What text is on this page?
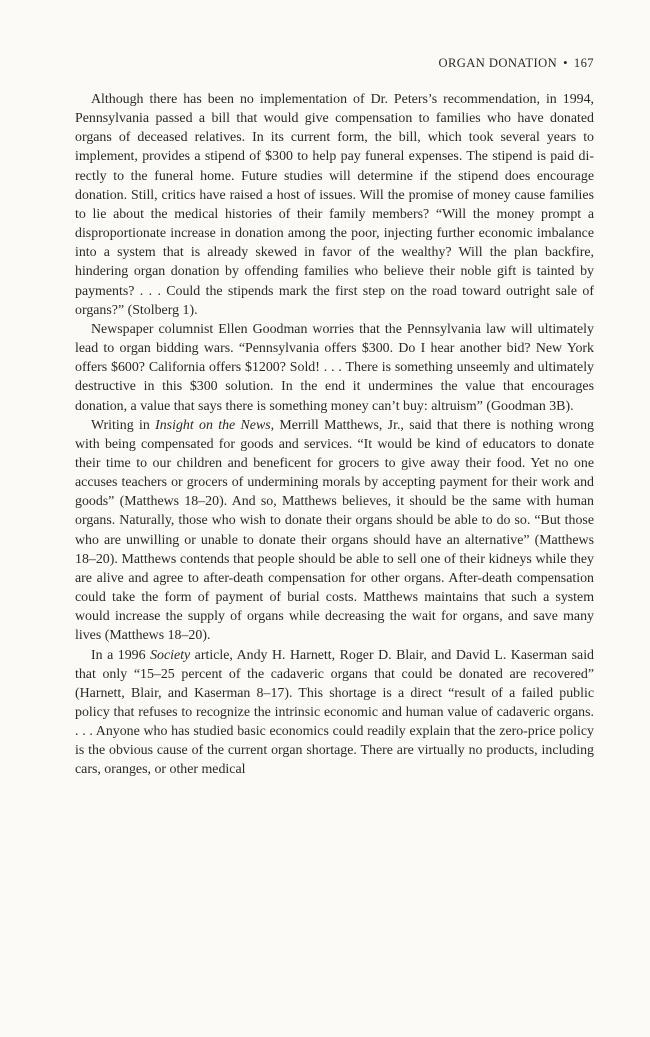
ORGAN DONATION • 167

Although there has been no implementation of Dr. Peters’s recommendation, in 1994, Pennsylvania passed a bill that would give compensation to families who have donated organs of deceased relatives. In its current form, the bill, which took several years to implement, provides a stipend of $300 to help pay funeral expenses. The stipend is paid directly to the funeral home. Future studies will determine if the stipend does encourage donation. Still, critics have raised a host of issues. Will the promise of money cause families to lie about the medical histories of their family members? “Will the money prompt a disproportionate increase in donation among the poor, injecting further economic imbalance into a system that is already skewed in favor of the wealthy? Will the plan backfire, hindering organ donation by offending families who believe their noble gift is tainted by payments? . . . Could the stipends mark the first step on the road toward outright sale of organs?” (Stolberg 1).

Newspaper columnist Ellen Goodman worries that the Pennsylvania law will ultimately lead to organ bidding wars. “Pennsylvania offers $300. Do I hear another bid? New York offers $600? California offers $1200? Sold! . . . There is something unseemly and ultimately destructive in this $300 solution. In the end it undermines the value that encourages donation, a value that says there is something money can’t buy: altruism” (Goodman 3B).

Writing in Insight on the News, Merrill Matthews, Jr., said that there is nothing wrong with being compensated for goods and services. “It would be kind of educators to donate their time to our children and beneficent for grocers to give away their food. Yet no one accuses teachers or grocers of undermining morals by accepting payment for their work and goods” (Matthews 18–20). And so, Matthews believes, it should be the same with human organs. Naturally, those who wish to donate their organs should be able to do so. “But those who are unwilling or unable to donate their organs should have an alternative” (Matthews 18–20). Matthews contends that people should be able to sell one of their kidneys while they are alive and agree to after-death compensation for other organs. After-death compensation could take the form of payment of burial costs. Matthews maintains that such a system would increase the supply of organs while decreasing the wait for organs, and save many lives (Matthews 18–20).

In a 1996 Society article, Andy H. Harnett, Roger D. Blair, and David L. Kaserman said that only “15–25 percent of the cadaveric organs that could be donated are recovered” (Harnett, Blair, and Kaserman 8–17). This shortage is a direct “result of a failed public policy that refuses to recognize the intrinsic economic and human value of cadaveric organs. . . . Anyone who has studied basic economics could readily explain that the zero-price policy is the obvious cause of the current organ shortage. There are virtually no products, including cars, oranges, or other medical
